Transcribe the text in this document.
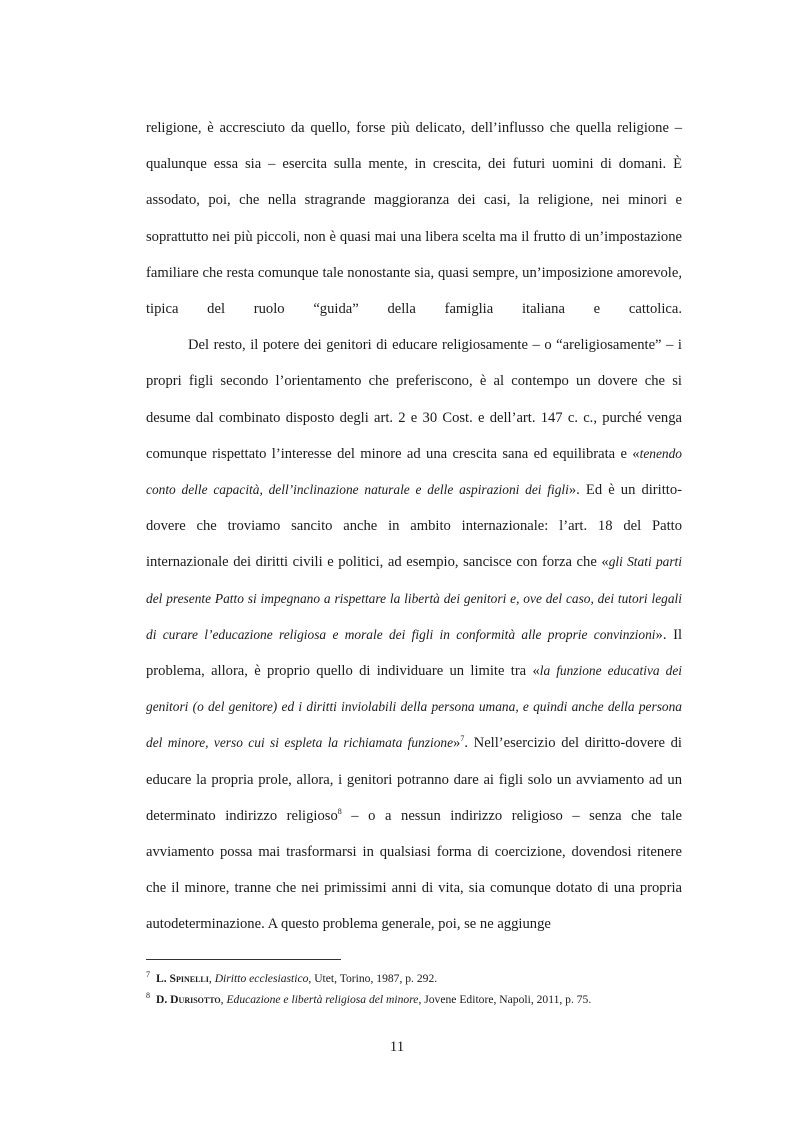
religione, è accresciuto da quello, forse più delicato, dell’influsso che quella religione – qualunque essa sia – esercita sulla mente, in crescita, dei futuri uomini di domani. È assodato, poi, che nella stragrande maggioranza dei casi, la religione, nei minori e soprattutto nei più piccoli, non è quasi mai una libera scelta ma il frutto di un’impostazione familiare che resta comunque tale nonostante sia, quasi sempre, un’imposizione amorevole, tipica del ruolo “guida” della famiglia italiana e cattolica.

Del resto, il potere dei genitori di educare religiosamente – o “areligiosamente” – i propri figli secondo l’orientamento che preferiscono, è al contempo un dovere che si desume dal combinato disposto degli art. 2 e 30 Cost. e dell’art. 147 c. c., purché venga comunque rispettato l’interesse del minore ad una crescita sana ed equilibrata e «tenendo conto delle capacità, dell’inclinazione naturale e delle aspirazioni dei figli». Ed è un diritto-dovere che troviamo sancito anche in ambito internazionale: l’art. 18 del Patto internazionale dei diritti civili e politici, ad esempio, sancisce con forza che «gli Stati parti del presente Patto si impegnano a rispettare la libertà dei genitori e, ove del caso, dei tutori legali di curare l’educazione religiosa e morale dei figli in conformità alle proprie convinzioni». Il problema, allora, è proprio quello di individuare un limite tra «la funzione educativa dei genitori (o del genitore) ed i diritti inviolabili della persona umana, e quindi anche della persona del minore, verso cui si espleta la richiamata funzione»$^7$. Nell’esercizio del diritto-dovere di educare la propria prole, allora, i genitori potranno dare ai figli solo un avviamento ad un determinato indirizzo religioso$^8$ – o a nessun indirizzo religioso – senza che tale avviamento possa mai trasformarsi in qualsiasi forma di coercizione, dovendosi ritenere che il minore, tranne che nei primissimi anni di vita, sia comunque dotato di una propria autodeterminazione. A questo problema generale, poi, se ne aggiunge

$^7$ L. Spinelli, Diritto ecclesiastico, Utet, Torino, 1987, p. 292.
$^8$ D. Durisotto, Educazione e libertà religiosa del minore, Jovene Editore, Napoli, 2011, p. 75.
11
